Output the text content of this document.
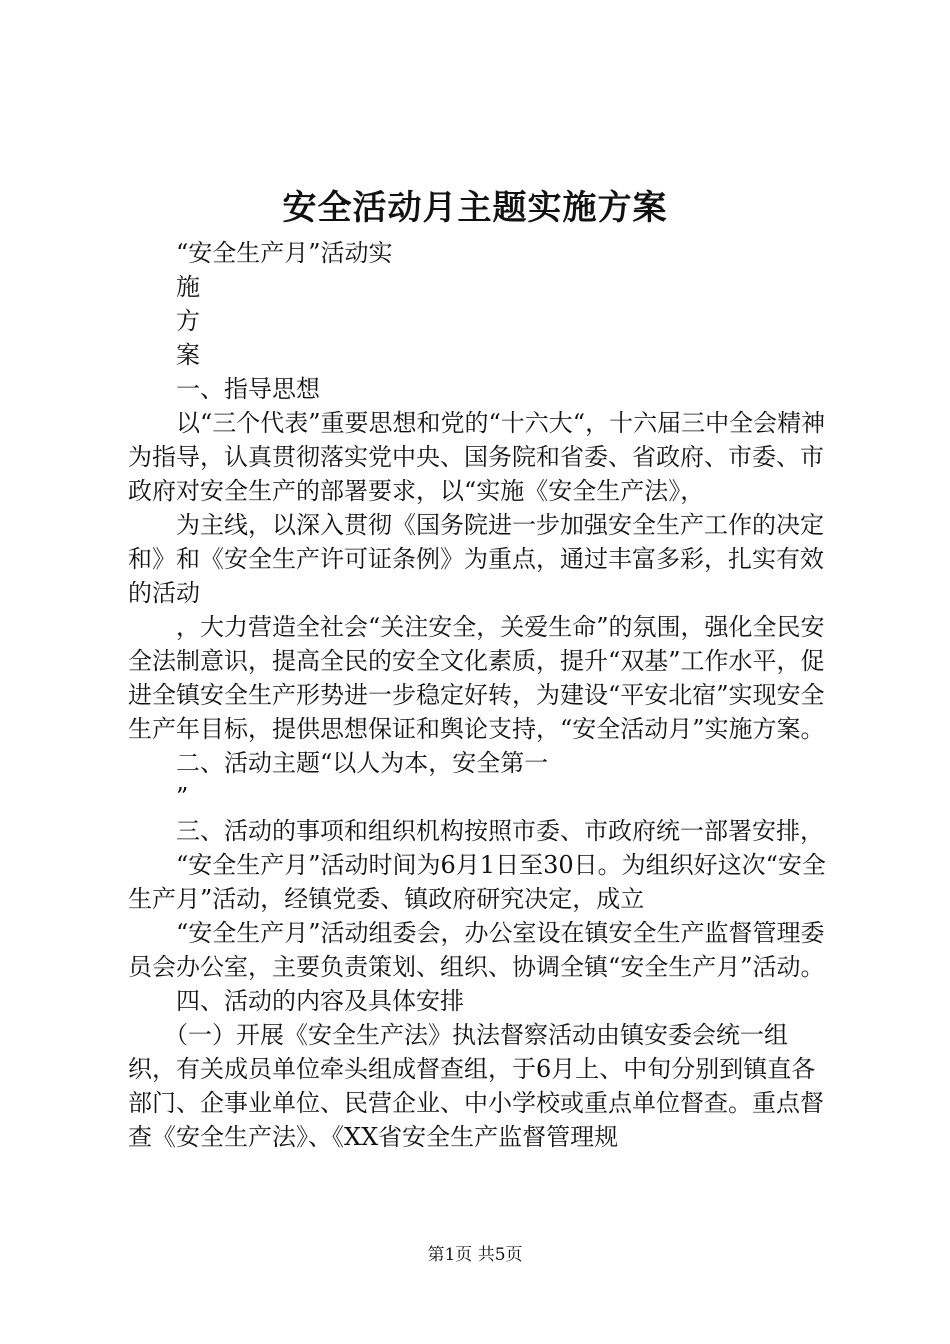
安全活动月主题实施方案

　　“安全生产月”活动实

　　施

　　方

　　案

　　一、指导思想

　　以“三个代表”重要思想和党的“十六大“，十六届三中全会精神为指导，认真贯彻落实党中央、国务院和省委、省政府、市委、市政府对安全生产的部署要求，以“实施《安全生产法》，

　　为主线，以深入贯彻《国务院进一步加强安全生产工作的决定和》和《安全生产许可证条例》为重点，通过丰富多彩，扎实有效的活动

　　，大力营造全社会“关注安全，关爱生命”的氛围，强化全民安全法制意识，提高全民的安全文化素质，提升“双基”工作水平，促进全镇安全生产形势进一步稳定好转，为建设“平安北宿”实现安全生产年目标，提供思想保证和舆论支持，“安全活动月”实施方案。

　　二、活动主题“以人为本，安全第一

　　”

　　三、活动的事项和组织机构按照市委、市政府统一部署安排，

　　“安全生产月”活动时间为6月1日至30日。为组织好这次“安全生产月”活动，经镇党委、镇政府研究决定，成立

　　“安全生产月”活动组委会，办公室设在镇安全生产监督管理委员会办公室，主要负责策划、组织、协调全镇“安全生产月”活动。

　　四、活动的内容及具体安排

　　（一）开展《安全生产法》执法督察活动由镇安委会统一组织，有关成员单位牵头组成督查组，于6月上、中旬分别到镇直各部门、企事业单位、民营企业、中小学校或重点单位督查。重点督查《安全生产法》、《XX省安全生产监督管理规

第1页 共5页
